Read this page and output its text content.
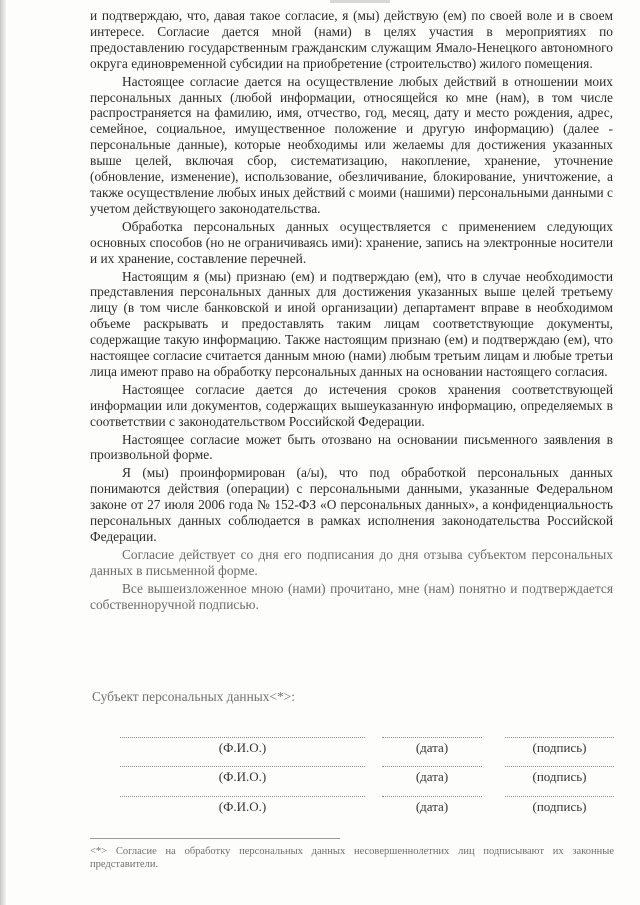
и подтверждаю, что, давая такое согласие, я (мы) действую (ем) по своей воле и в своем интересе. Согласие дается мной (нами) в целях участия в мероприятиях по предоставлению государственным гражданским служащим Ямало-Ненецкого автономного округа единовременной субсидии на приобретение (строительство) жилого помещения.

Настоящее согласие дается на осуществление любых действий в отношении моих персональных данных (любой информации, относящейся ко мне (нам), в том числе распространяется на фамилию, имя, отчество, год, месяц, дату и место рождения, адрес, семейное, социальное, имущественное положение и другую информацию) (далее - персональные данные), которые необходимы или желаемы для достижения указанных выше целей, включая сбор, систематизацию, накопление, хранение, уточнение (обновление, изменение), использование, обезличивание, блокирование, уничтожение, а также осуществление любых иных действий с моими (нашими) персональными данными с учетом действующего законодательства.

Обработка персональных данных осуществляется с применением следующих основных способов (но не ограничиваясь ими): хранение, запись на электронные носители и их хранение, составление перечней.

Настоящим я (мы) признаю (ем) и подтверждаю (ем), что в случае необходимости представления персональных данных для достижения указанных выше целей третьему лицу (в том числе банковской и иной организации) департамент вправе в необходимом объеме раскрывать и предоставлять таким лицам соответствующие документы, содержащие такую информацию. Также настоящим признаю (ем) и подтверждаю (ем), что настоящее согласие считается данным мною (нами) любым третьим лицам и любые третьи лица имеют право на обработку персональных данных на основании настоящего согласия.

Настоящее согласие дается до истечения сроков хранения соответствующей информации или документов, содержащих вышеуказанную информацию, определяемых в соответствии с законодательством Российской Федерации.

Настоящее согласие может быть отозвано на основании письменного заявления в произвольной форме.

Я (мы) проинформирован (а/ы), что под обработкой персональных данных понимаются действия (операции) с персональными данными, указанные Федеральном законе от 27 июля 2006 года № 152-ФЗ «О персональных данных», а конфиденциальность персональных данных соблюдается в рамках исполнения законодательства Российской Федерации.

Согласие действует со дня его подписания до дня отзыва субъектом персональных данных в письменной форме.

Все вышеизложенное мною (нами) прочитано, мне (нам) понятно и подтверждается собственноручной подписью.

Субъект персональных данных<*>:
(Ф.И.О.)	(дата)	(подпись)
(Ф.И.О.)	(дата)	(подпись)
(Ф.И.О.)	(дата)	(подпись)
<*> Согласие на обработку персональных данных несовершеннолетних лиц подписывают их законные представители.
